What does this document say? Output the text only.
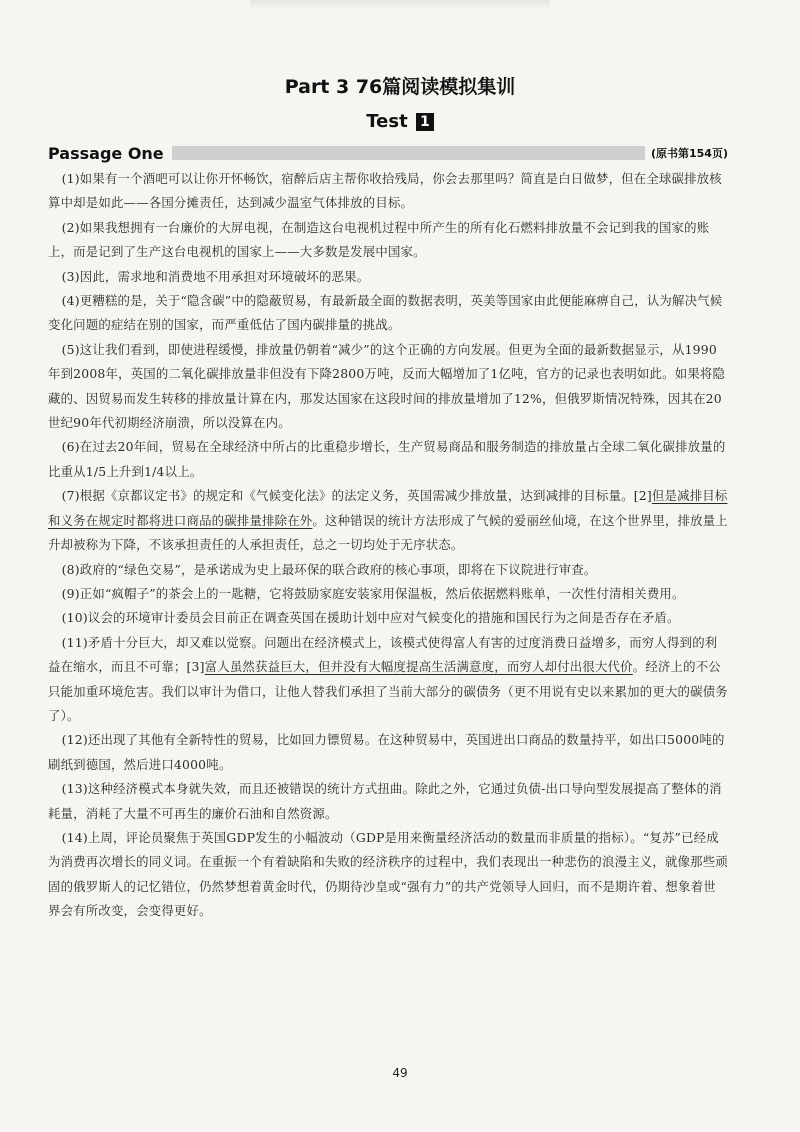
Part 3 76篇阅读模拟集训
Test 1
Passage One	(原书第154页)

(1)如果有一个酒吧可以让你开怀畅饮，宿醉后店主帮你收拾残局，你会去那里吗？简直是白日做梦，但在全球碳排放核算中却是如此——各国分摊责任，达到减少温室气体排放的目标。

(2)如果我想拥有一台廉价的大屏电视，在制造这台电视机过程中所产生的所有化石燃料排放量不会记到我的国家的账上，而是记到了生产这台电视机的国家上——大多数是发展中国家。

(3)因此，需求地和消费地不用承担对环境破坏的恶果。

(4)更糟糕的是，关于“隐含碳”中的隐蔽贸易，有最新最全面的数据表明，英美等国家由此便能麻痹自己，认为解决气候变化问题的症结在别的国家，而严重低估了国内碳排量的挑战。

(5)这让我们看到，即使进程缓慢，排放量仍朝着“减少”的这个正确的方向发展。但更为全面的最新数据显示，从1990年到2008年，英国的二氧化碳排放量非但没有下降2800万吨，反而大幅增加了1亿吨，官方的记录也表明如此。如果将隐藏的、因贸易而发生转移的排放量计算在内，那发达国家在这段时间的排放量增加了12%，但俄罗斯情况特殊，因其在20世纪90年代初期经济崩溃，所以没算在内。

(6)在过去20年间，贸易在全球经济中所占的比重稳步增长，生产贸易商品和服务制造的排放量占全球二氧化碳排放量的比重从1/5上升到1/4以上。

(7)根据《京都议定书》的规定和《气候变化法》的法定义务，英国需减少排放量，达到减排的目标量。[2]但是减排目标和义务在规定时都将进口商品的碳排量排除在外。这种错误的统计方法形成了气候的爱丽丝仙境，在这个世界里，排放量上升却被称为下降，不该承担责任的人承担责任，总之一切均处于无序状态。

(8)政府的“绿色交易”，是承诺成为史上最环保的联合政府的核心事项，即将在下议院进行审查。

(9)正如“疯帽子”的茶会上的一匙糖，它将鼓励家庭安装家用保温板，然后依据燃料账单，一次性付清相关费用。

(10)议会的环境审计委员会目前正在调查英国在援助计划中应对气候变化的措施和国民行为之间是否存在矛盾。

(11)矛盾十分巨大，却又难以觉察。问题出在经济模式上，该模式使得富人有害的过度消费日益增多，而穷人得到的利益在缩水，而且不可靠；[3]富人虽然获益巨大，但并没有大幅度提高生活满意度，而穷人却付出很大代价。经济上的不公只能加重环境危害。我们以审计为借口，让他人替我们承担了当前大部分的碳债务（更不用说有史以来累加的更大的碳债务了）。

(12)还出现了其他有全新特性的贸易，比如回力镖贸易。在这种贸易中，英国进出口商品的数量持平，如出口5000吨的刷纸到德国，然后进口4000吨。

(13)这种经济模式本身就失效，而且还被错误的统计方式扭曲。除此之外，它通过负债-出口导向型发展提高了整体的消耗量，消耗了大量不可再生的廉价石油和自然资源。

(14)上周，评论员聚焦于英国GDP发生的小幅波动（GDP是用来衡量经济活动的数量而非质量的指标）。“复苏”已经成为消费再次增长的同义词。在重振一个有着缺陷和失败的经济秩序的过程中，我们表现出一种悲伤的浪漫主义，就像那些顽固的俄罗斯人的记忆错位，仍然梦想着黄金时代，仍期待沙皇或“强有力”的共产党领导人回归，而不是期许着、想象着世界会有所改变，会变得更好。

49
